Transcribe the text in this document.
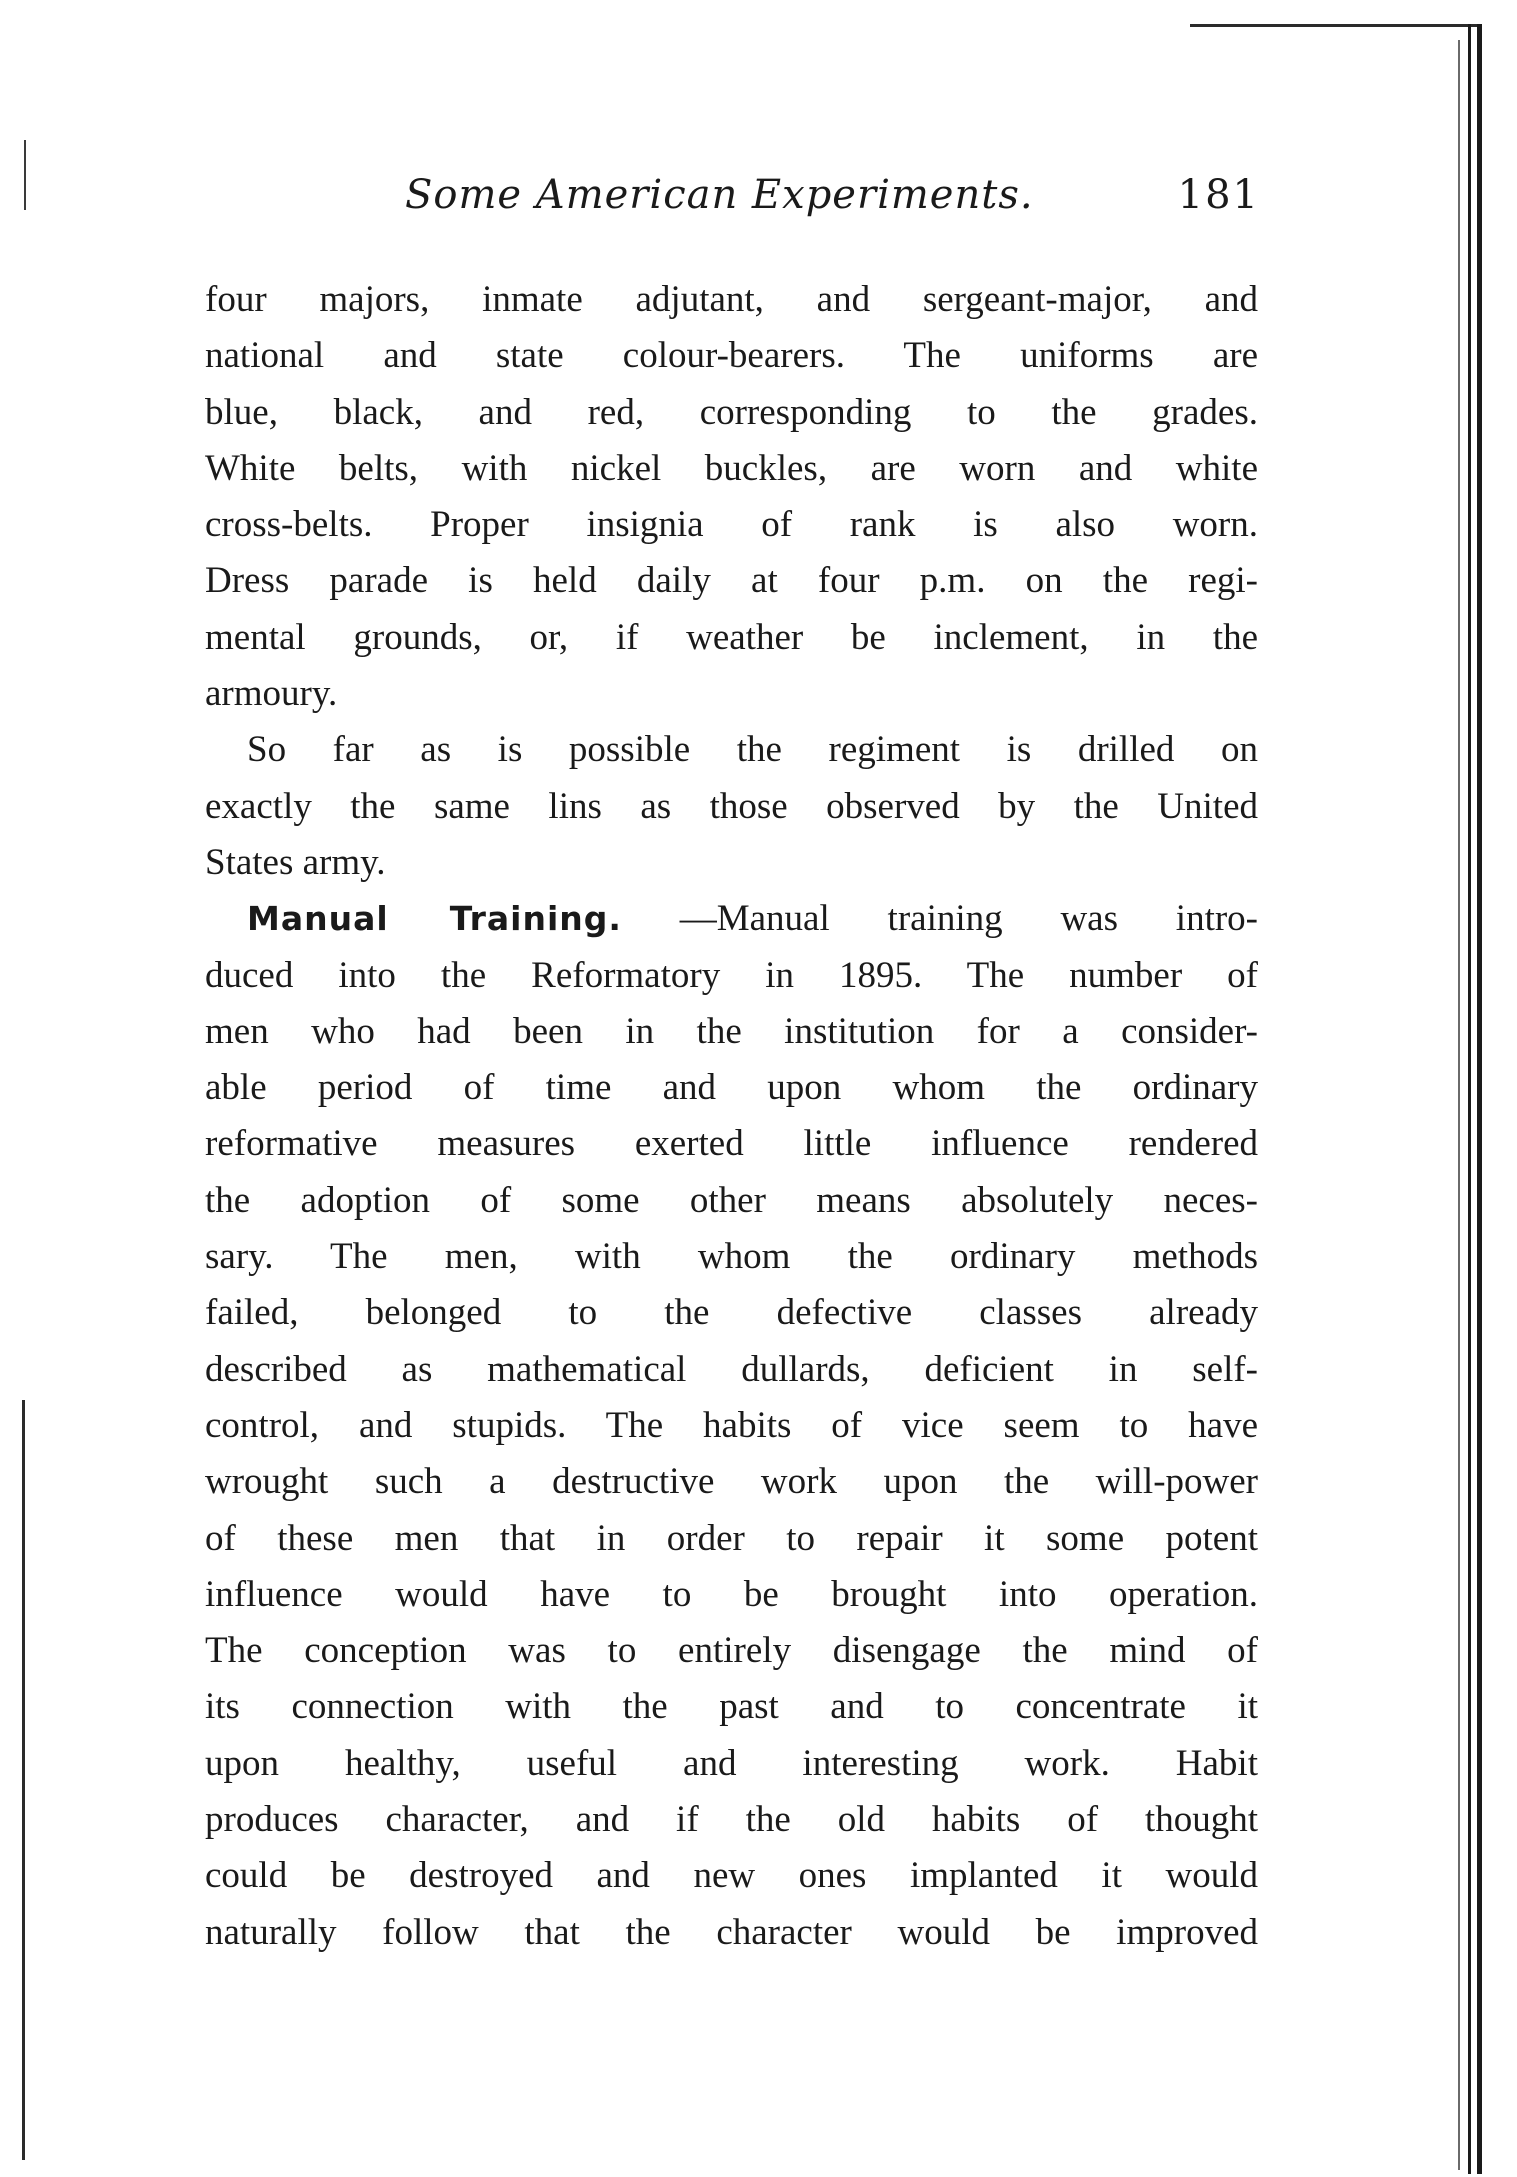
Some American Experiments.	181
four majors, inmate adjutant, and sergeant-major, and
national and state colour-bearers. The uniforms are
blue, black, and red, corresponding to the grades.
White belts, with nickel buckles, are worn and white
cross-belts. Proper insignia of rank is also worn.
Dress parade is held daily at four p.m. on the regi-
mental grounds, or, if weather be inclement, in the
armoury.
So far as is possible the regiment is drilled on
exactly the same lins as those observed by the United
States army.
Manual Training. —Manual training was intro-
duced into the Reformatory in 1895. The number of
men who had been in the institution for a consider-
able period of time and upon whom the ordinary
reformative measures exerted little influence rendered
the adoption of some other means absolutely neces-
sary. The men, with whom the ordinary methods
failed, belonged to the defective classes already
described as mathematical dullards, deficient in self-
control, and stupids. The habits of vice seem to have
wrought such a destructive work upon the will-power
of these men that in order to repair it some potent
influence would have to be brought into operation.
The conception was to entirely disengage the mind of
its connection with the past and to concentrate it
upon healthy, useful and interesting work. Habit
produces character, and if the old habits of thought
could be destroyed and new ones implanted it would
naturally follow that the character would be improved
